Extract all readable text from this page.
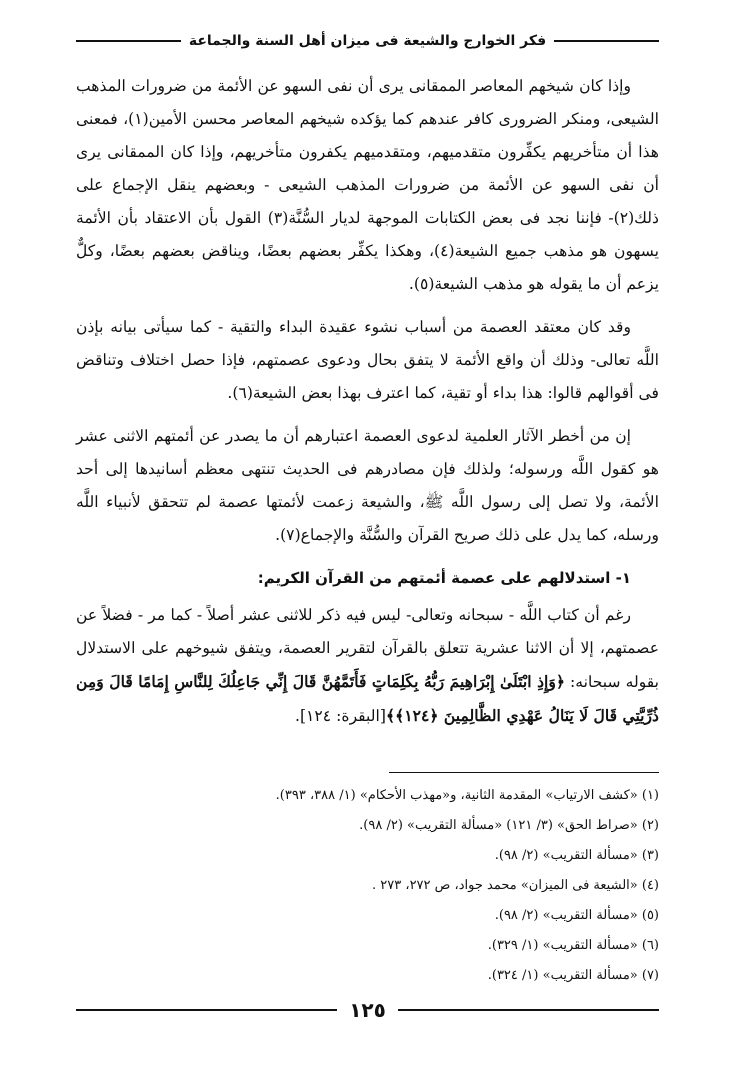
فكر الخوارج والشيعة فى ميزان أهل السنة والجماعة

وإذا كان شيخهم المعاصر الممقانى يرى أن نفى السهو عن الأئمة من ضرورات المذهب الشيعى، ومنكر الضرورى كافر عندهم كما يؤكده شيخهم المعاصر محسن الأمين(١)، فمعنى هذا أن متأخريهم يكفِّرون متقدميهم، ومتقدميهم يكفرون متأخريهم، وإذا كان الممقانى يرى أن نفى السهو عن الأئمة من ضرورات المذهب الشيعى - وبعضهم ينقل الإجماع على ذلك(٢)- فإننا نجد فى بعض الكتابات الموجهة لديار السُّنَّة(٣) القول بأن الاعتقاد بأن الأئمة يسهون هو مذهب جميع الشيعة(٤)، وهكذا يكفِّر بعضهم بعضًا، ويناقض بعضهم بعضًا، وكلٌّ يزعم أن ما يقوله هو مذهب الشيعة(٥).

وقد كان معتقد العصمة من أسباب نشوء عقيدة البداء والتقية - كما سيأتى بيانه بإذن اللَّه تعالى- وذلك أن واقع الأئمة لا يتفق بحال ودعوى عصمتهم، فإذا حصل اختلاف وتناقض فى أقوالهم قالوا: هذا بداء أو تقية، كما اعترف بهذا بعض الشيعة(٦).

إن من أخطر الآثار العلمية لدعوى العصمة اعتبارهم أن ما يصدر عن أئمتهم الاثنى عشر هو كقول اللَّه ورسوله؛ ولذلك فإن مصادرهم فى الحديث تنتهى معظم أسانيدها إلى أحد الأئمة، ولا تصل إلى رسول اللَّه ﷺ، والشيعة زعمت لأئمتها عصمة لم تتحقق لأنبياء اللَّه ورسله، كما يدل على ذلك صريح القرآن والسُّنَّة والإجماع(٧).

١- استدلالهم على عصمة أئمتهم من القرآن الكريم:

رغم أن كتاب اللَّه - سبحانه وتعالى- ليس فيه ذكر للاثنى عشر أصلاً - كما مر - فضلاً عن عصمتهم، إلا أن الاثنا عشرية تتعلق بالقرآن لتقرير العصمة، ويتفق شيوخهم على الاستدلال بقوله سبحانه: ﴿وَإِذِ ابْتَلَىٰ إِبْرَاهِيمَ رَبُّهُ بِكَلِمَاتٍ فَأَتَمَّهُنَّ قَالَ إِنِّي جَاعِلُكَ لِلنَّاسِ إِمَامًا قَالَ وَمِن ذُرِّيَّتِي قَالَ لَا يَنَالُ عَهْدِي الظَّالِمِينَ ﴿١٢٤﴾﴾[البقرة: ١٢٤].

(١) «كشف الارتياب» المقدمة الثانية، و«مهذب الأحكام» (١/ ٣٨٨، ٣٩٣).
(٢) «صراط الحق» (٣/ ١٢١) «مسألة التقريب» (٢/ ٩٨).
(٣) «مسألة التقريب» (٢/ ٩٨).
(٤) «الشيعة فى الميزان» محمد جواد، ص ٢٧٢، ٢٧٣ .
(٥) «مسألة التقريب» (٢/ ٩٨).
(٦) «مسألة التقريب» (١/ ٣٢٩).
(٧) «مسألة التقريب» (١/ ٣٢٤).
١٢٥
